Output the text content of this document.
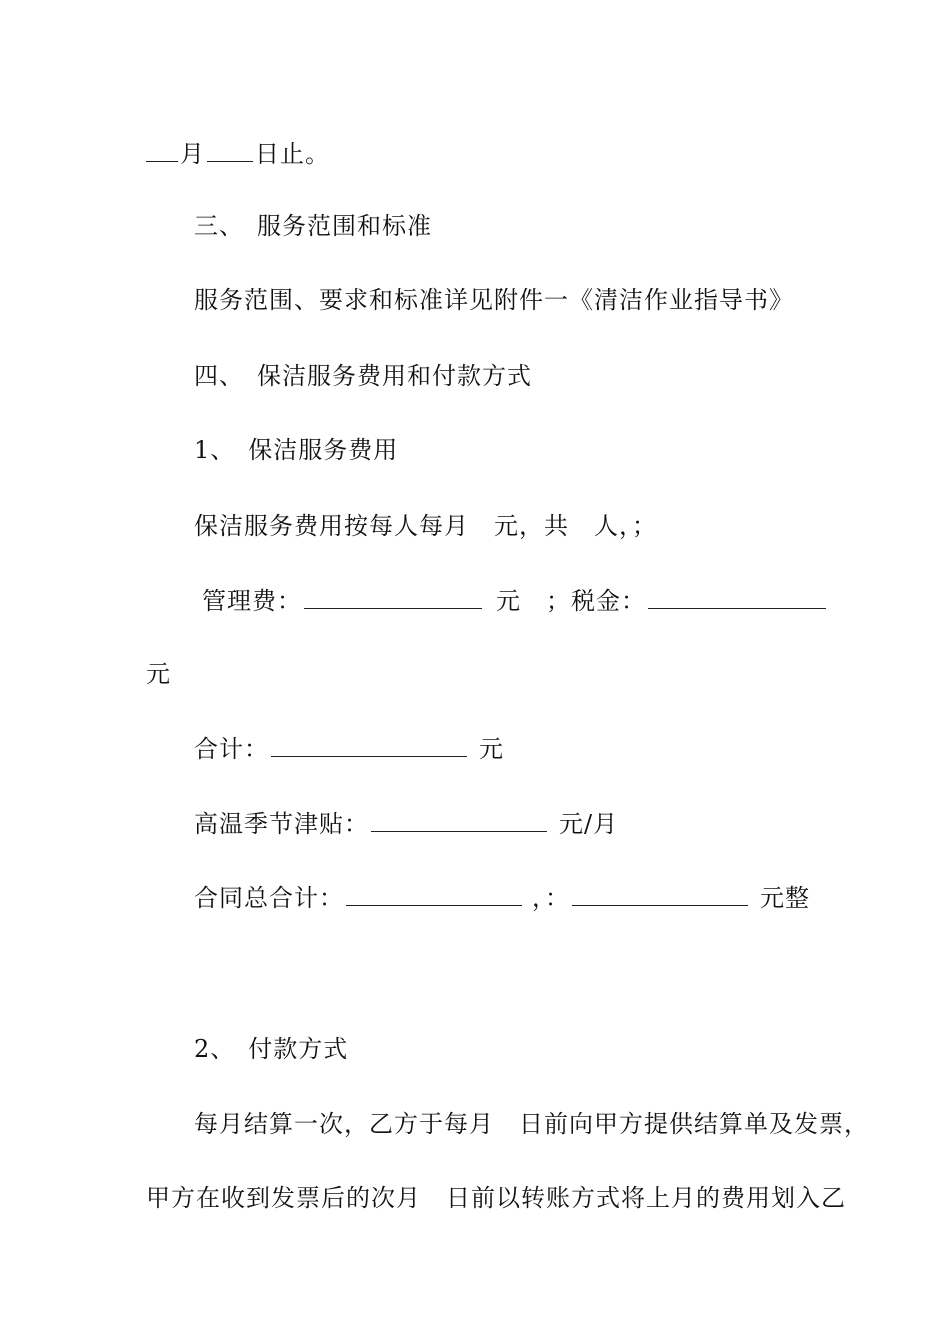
月 日止。
三、　服务范围和标准
服务范围、要求和标准详见附件一《清洁作业指导书》
四、　保洁服务费用和付款方式
1、　保洁服务费用
保洁服务费用按每人每月　元，共　人，；
管理费：	元　；税金：
元
合计：	元
高温季节津贴：	元/月
合同总合计：	，：	元整
2、　付款方式
每月结算一次，乙方于每月　日前向甲方提供结算单及发票，
甲方在收到发票后的次月　日前以转账方式将上月的费用划入乙
